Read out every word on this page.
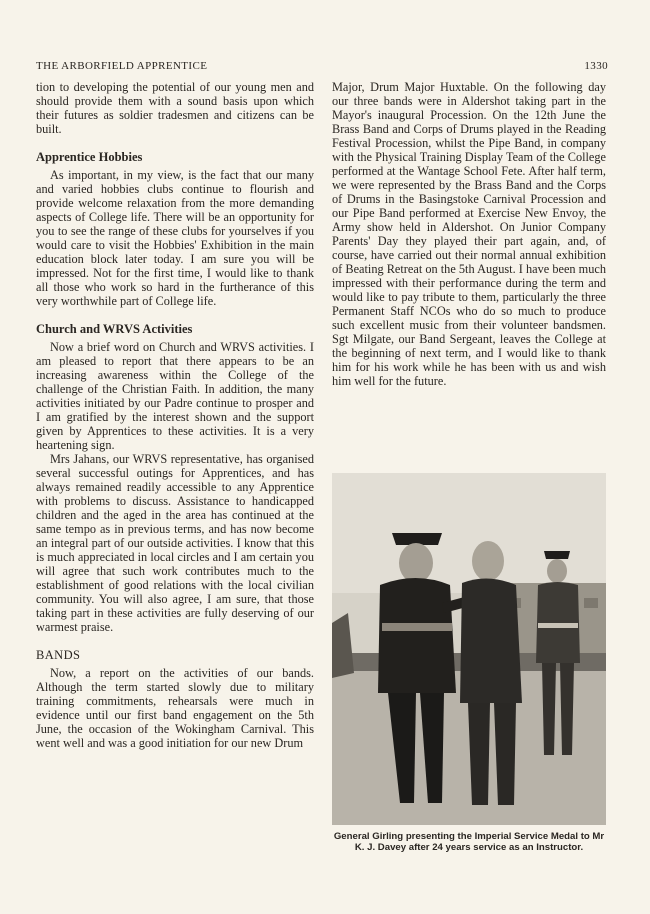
THE ARBORFIELD APPRENTICE	1330

tion to developing the potential of our young men and should provide them with a sound basis upon which their futures as soldier tradesmen and citizens can be built.

Apprentice Hobbies

As important, in my view, is the fact that our many and varied hobbies clubs continue to flourish and provide welcome relaxation from the more demanding aspects of College life. There will be an opportunity for you to see the range of these clubs for yourselves if you would care to visit the Hobbies' Exhibition in the main education block later today. I am sure you will be impressed. Not for the first time, I would like to thank all those who work so hard in the furtherance of this very worthwhile part of College life.

Church and WRVS Activities

Now a brief word on Church and WRVS activities. I am pleased to report that there appears to be an increasing awareness within the College of the challenge of the Christian Faith. In addition, the many activities initiated by our Padre continue to prosper and I am gratified by the interest shown and the support given by Apprentices to these activities. It is a very heartening sign.

Mrs Jahans, our WRVS representative, has organised several successful outings for Apprentices, and has always remained readily accessible to any Apprentice with problems to discuss. Assistance to handicapped children and the aged in the area has continued at the same tempo as in previous terms, and has now become an integral part of our outside activities. I know that this is much appreciated in local circles and I am certain you will agree that such work contributes much to the establishment of good relations with the local civilian community. You will also agree, I am sure, that those taking part in these activities are fully deserving of our warmest praise.

BANDS

Now, a report on the activities of our bands. Although the term started slowly due to military training commitments, rehearsals were much in evidence until our first band engagement on the 5th June, the occasion of the Wokingham Carnival. This went well and was a good initiation for our new Drum

Major, Drum Major Huxtable. On the following day our three bands were in Aldershot taking part in the Mayor's inaugural Procession. On the 12th June the Brass Band and Corps of Drums played in the Reading Festival Procession, whilst the Pipe Band, in company with the Physical Training Display Team of the College performed at the Wantage School Fete. After half term, we were represented by the Brass Band and the Corps of Drums in the Basingstoke Carnival Procession and our Pipe Band performed at Exercise New Envoy, the Army show held in Aldershot. On Junior Company Parents' Day they played their part again, and, of course, have carried out their normal annual exhibition of Beating Retreat on the 5th August. I have been much impressed with their performance during the term and would like to pay tribute to them, particularly the three Permanent Staff NCOs who do so much to produce such excellent music from their volunteer bandsmen. Sgt Milgate, our Band Sergeant, leaves the College at the beginning of next term, and I would like to thank him for his work while he has been with us and wish him well for the future.

General Girling presenting the Imperial Service Medal to Mr K. J. Davey after 24 years service as an Instructor.
